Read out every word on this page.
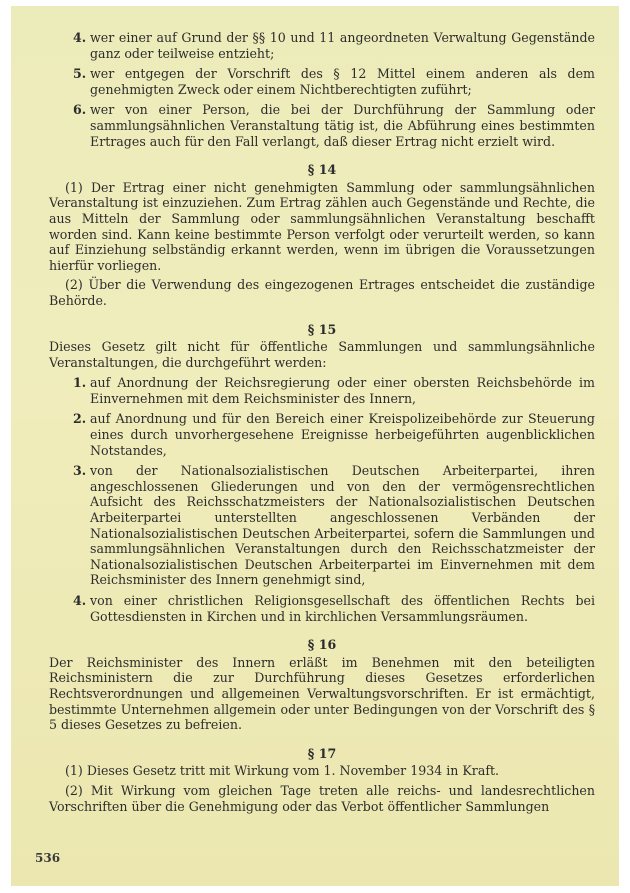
4. wer einer auf Grund der §§ 10 und 11 angeordneten Verwaltung Gegenstände ganz oder teilweise entzieht;
5. wer entgegen der Vorschrift des § 12 Mittel einem anderen als dem genehmigten Zweck oder einem Nichtberechtigten zuführt;
6. wer von einer Person, die bei der Durchführung der Sammlung oder sammlungsähnlichen Veranstaltung tätig ist, die Abführung eines bestimmten Ertrages auch für den Fall verlangt, daß dieser Ertrag nicht erzielt wird.
§ 14

(1) Der Ertrag einer nicht genehmigten Sammlung oder sammlungsähnlichen Veranstaltung ist einzuziehen. Zum Ertrag zählen auch Gegenstände und Rechte, die aus Mitteln der Sammlung oder sammlungsähnlichen Veranstaltung beschafft worden sind. Kann keine bestimmte Person verfolgt oder verurteilt werden, so kann auf Einziehung selbständig erkannt werden, wenn im übrigen die Voraussetzungen hierfür vorliegen.

(2) Über die Verwendung des eingezogenen Ertrages entscheidet die zuständige Behörde.

§ 15

Dieses Gesetz gilt nicht für öffentliche Sammlungen und sammlungsähnliche Veranstaltungen, die durchgeführt werden:

1. auf Anordnung der Reichsregierung oder einer obersten Reichsbehörde im Einvernehmen mit dem Reichsminister des Innern,
2. auf Anordnung und für den Bereich einer Kreispolizeibehörde zur Steuerung eines durch unvorhergesehene Ereignisse herbeigeführten augenblicklichen Notstandes,
3. von der Nationalsozialistischen Deutschen Arbeiterpartei, ihren angeschlossenen Gliederungen und von den der vermögensrechtlichen Aufsicht des Reichsschatzmeisters der Nationalsozialistischen Deutschen Arbeiterpartei unterstellten angeschlossenen Verbänden der Nationalsozialistischen Deutschen Arbeiterpartei, sofern die Sammlungen und sammlungsähnlichen Veranstaltungen durch den Reichsschatzmeister der Nationalsozialistischen Deutschen Arbeiterpartei im Einvernehmen mit dem Reichsminister des Innern genehmigt sind,
4. von einer christlichen Religionsgesellschaft des öffentlichen Rechts bei Gottesdiensten in Kirchen und in kirchlichen Versammlungsräumen.
§ 16

Der Reichsminister des Innern erläßt im Benehmen mit den beteiligten Reichsministern die zur Durchführung dieses Gesetzes erforderlichen Rechtsverordnungen und allgemeinen Verwaltungsvorschriften. Er ist ermächtigt, bestimmte Unternehmen allgemein oder unter Bedingungen von der Vorschrift des § 5 dieses Gesetzes zu befreien.

§ 17

(1) Dieses Gesetz tritt mit Wirkung vom 1. November 1934 in Kraft.

(2) Mit Wirkung vom gleichen Tage treten alle reichs- und landesrechtlichen Vorschriften über die Genehmigung oder das Verbot öffentlicher Sammlungen

536
